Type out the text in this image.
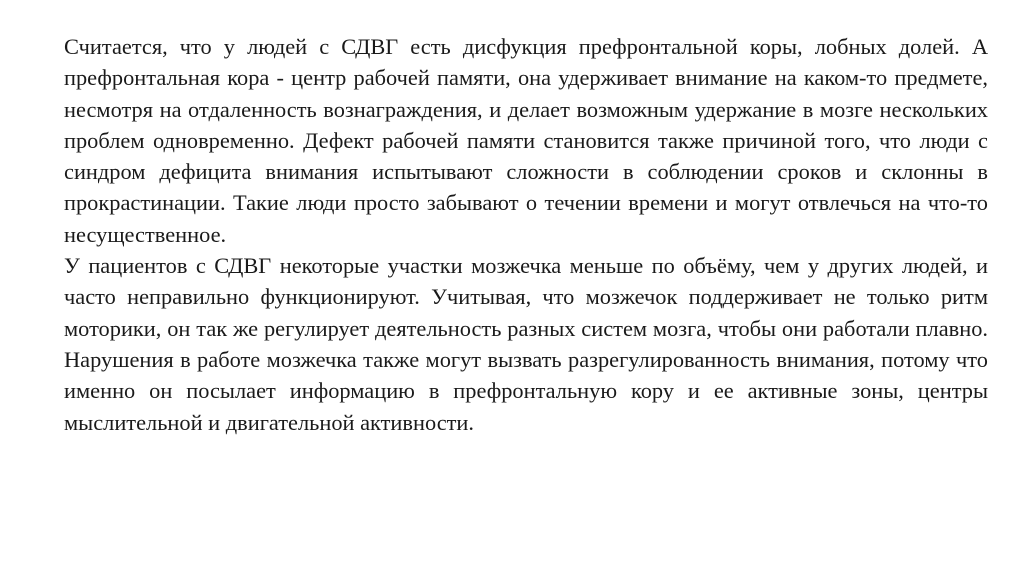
Считается, что у людей с СДВГ есть дисфукция префронтальной коры, лобных долей. А префронтальная кора - центр рабочей памяти, она удерживает внимание на каком-то предмете, несмотря на отдаленность вознаграждения, и делает возможным удержание в мозге нескольких проблем одновременно. Дефект рабочей памяти становится также причиной того, что люди с синдром дефицита внимания испытывают сложности в соблюдении сроков и склонны в прокрастинации. Такие люди просто забывают о течении времени и могут отвлечься на что-то несущественное.

У пациентов с СДВГ некоторые участки мозжечка меньше по объёму, чем у других людей, и часто неправильно функционируют. Учитывая, что мозжечок поддерживает не только ритм моторики, он так же регулирует деятельность разных систем мозга, чтобы они работали плавно. Нарушения в работе мозжечка также могут вызвать разрегулированность внимания, потому что именно он посылает информацию в префронтальную кору и ее активные зоны, центры мыслительной и двигательной активности.
